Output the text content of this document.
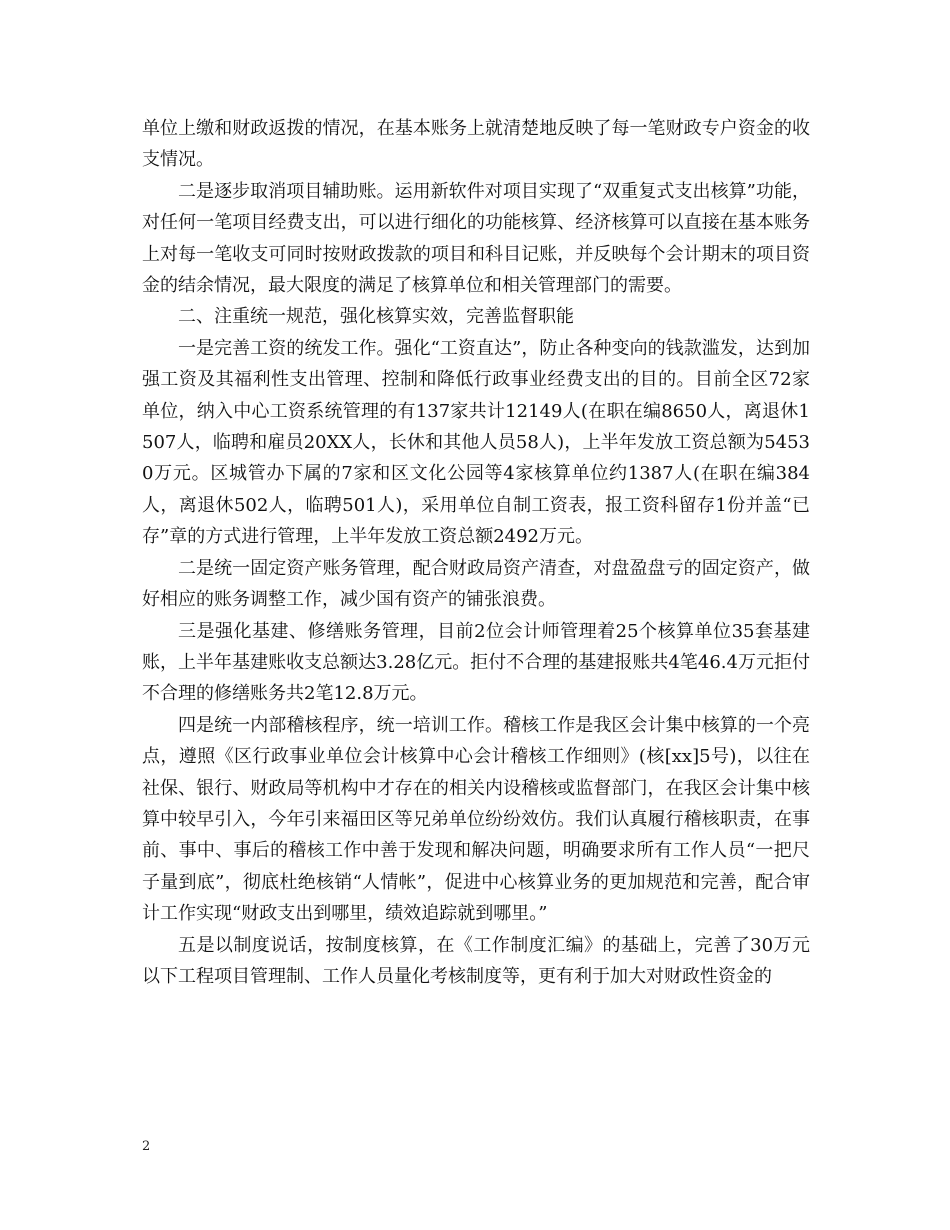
单位上缴和财政返拨的情况，在基本账务上就清楚地反映了每一笔财政专户资金的收支情况。

二是逐步取消项目辅助账。运用新软件对项目实现了“双重复式支出核算”功能，对任何一笔项目经费支出，可以进行细化的功能核算、经济核算可以直接在基本账务上对每一笔收支可同时按财政拨款的项目和科目记账，并反映每个会计期末的项目资金的结余情况，最大限度的满足了核算单位和相关管理部门的需要。

二、注重统一规范，强化核算实效，完善监督职能

一是完善工资的统发工作。强化“工资直达”，防止各种变向的钱款滥发，达到加强工资及其福利性支出管理、控制和降低行政事业经费支出的目的。目前全区72家单位，纳入中心工资系统管理的有137家共计12149人(在职在编8650人，离退休1507人，临聘和雇员20XX人，长休和其他人员58人)，上半年发放工资总额为54530万元。区城管办下属的7家和区文化公园等4家核算单位约1387人(在职在编384人，离退休502人，临聘501人)，采用单位自制工资表，报工资科留存1份并盖“已存”章的方式进行管理，上半年发放工资总额2492万元。

二是统一固定资产账务管理，配合财政局资产清查，对盘盈盘亏的固定资产，做好相应的账务调整工作，减少国有资产的铺张浪费。

三是强化基建、修缮账务管理，目前2位会计师管理着25个核算单位35套基建账，上半年基建账收支总额达3.28亿元。拒付不合理的基建报账共4笔46.4万元拒付不合理的修缮账务共2笔12.8万元。

四是统一内部稽核程序，统一培训工作。稽核工作是我区会计集中核算的一个亮点，遵照《区行政事业单位会计核算中心会计稽核工作细则》(核[xx]5号)，以往在社保、银行、财政局等机构中才存在的相关内设稽核或监督部门，在我区会计集中核算中较早引入，今年引来福田区等兄弟单位纷纷效仿。我们认真履行稽核职责，在事前、事中、事后的稽核工作中善于发现和解决问题，明确要求所有工作人员“一把尺子量到底”，彻底杜绝核销“人情帐”，促进中心核算业务的更加规范和完善，配合审计工作实现“财政支出到哪里，绩效追踪就到哪里。”

五是以制度说话，按制度核算，在《工作制度汇编》的基础上，完善了30万元以下工程项目管理制、工作人员量化考核制度等，更有利于加大对财政性资金的

2
